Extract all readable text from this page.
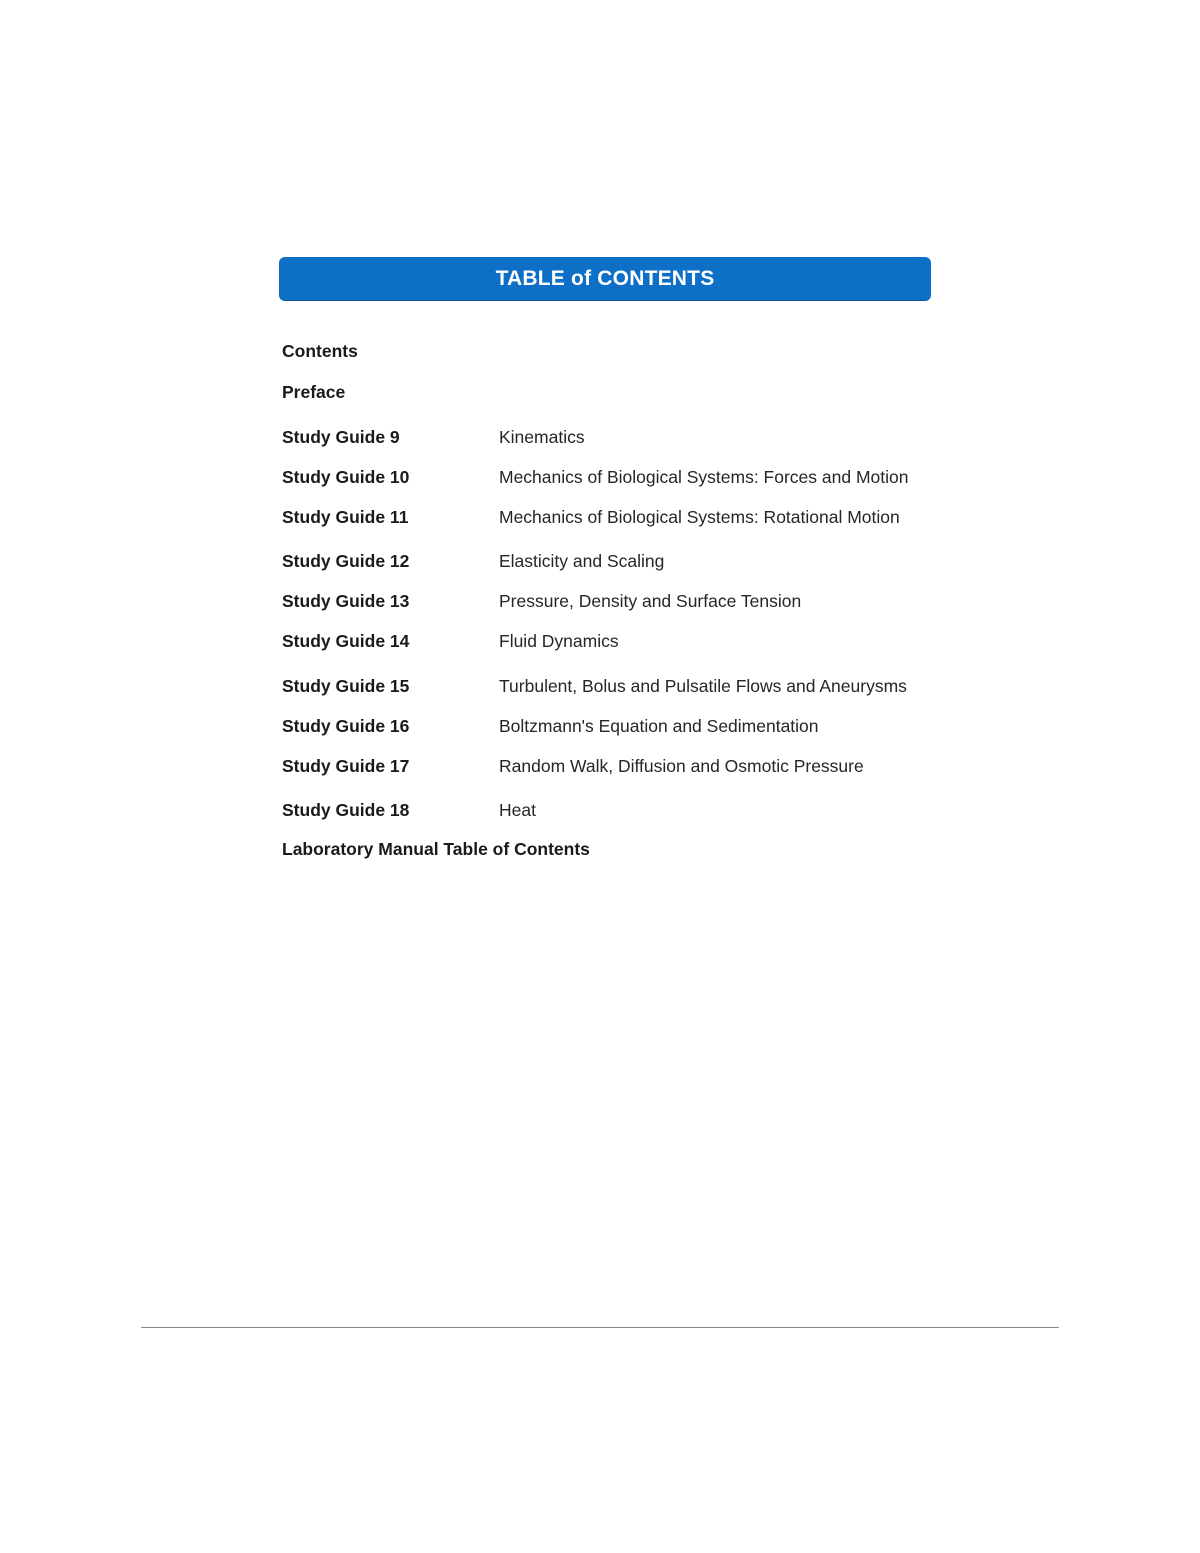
TABLE of CONTENTS
Contents
Preface
Study Guide 9	Kinematics
Study Guide 10	Mechanics of Biological Systems: Forces and Motion
Study Guide 11	Mechanics of Biological Systems: Rotational Motion
Study Guide 12	Elasticity and Scaling
Study Guide 13	Pressure, Density and Surface Tension
Study Guide 14	Fluid Dynamics
Study Guide 15	Turbulent, Bolus and Pulsatile Flows and Aneurysms
Study Guide 16	Boltzmann's Equation and Sedimentation
Study Guide 17	Random Walk, Diffusion and Osmotic Pressure
Study Guide 18	Heat
Laboratory Manual Table of Contents
